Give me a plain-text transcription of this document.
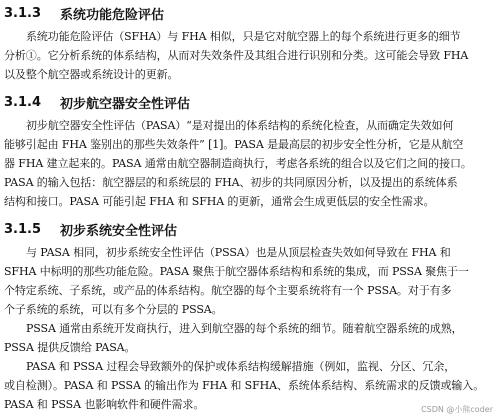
3.1.3	系统功能危险评估
系统功能危险评估（SFHA）与 FHA 相似，只是它对航空器上的每个系统进行更多的细节
分析①。它分析系统的体系结构，从而对失效条件及其组合进行识别和分类。这可能会导致 FHA
以及整个航空器或系统设计的更新。
3.1.4	初步航空器安全性评估
初步航空器安全性评估（PASA）“是对提出的体系结构的系统化检查，从而确定失效如何
能够引起由 FHA 鉴别出的那些失效条件” [1]。PASA 是最高层的初步安全性分析，它是从航空
器 FHA 建立起来的。PASA 通常由航空器制造商执行，考虑各系统的组合以及它们之间的接口。
PASA 的输入包括：航空器层的和系统层的 FHA、初步的共同原因分析，以及提出的系统体系
结构和接口。PASA 可能引起 FHA 和 SFHA 的更新，通常会生成更低层的安全性需求。
3.1.5	初步系统安全性评估
与 PASA 相同，初步系统安全性评估（PSSA）也是从顶层检查失效如何导致在 FHA 和
SFHA 中标明的那些功能危险。PASA 聚焦于航空器体系结构和系统的集成，而 PSSA 聚焦于一
个特定系统、子系统，或产品的体系结构。航空器的每个主要系统将有一个 PSSA。对于有多
个子系统的系统，可以有多个分层的 PSSA。
PSSA 通常由系统开发商执行，进入到航空器的每个系统的细节。随着航空器系统的成熟，
PSSA 提供反馈给 PASA。
PASA 和 PSSA 过程会导致额外的保护或体系结构缓解措施（例如，监视、分区、冗余，
或自检测）。PASA 和 PSSA 的输出作为 FHA 和 SFHA、系统体系结构、系统需求的反馈或输入。
PASA 和 PSSA 也影响软件和硬件需求。	CSDN @小熊coder
